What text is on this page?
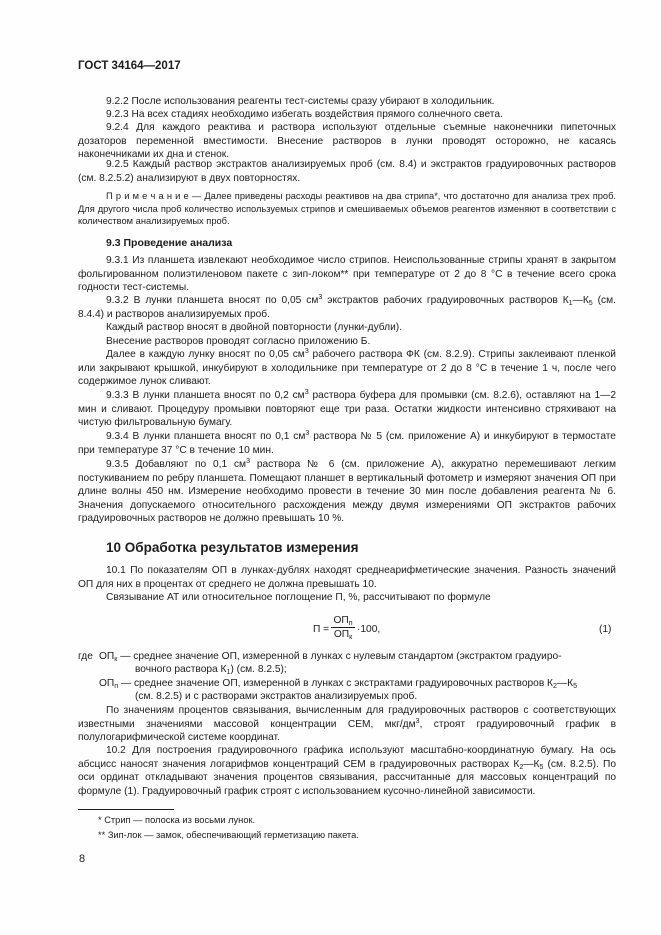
ГОСТ 34164—2017

9.2.2 После использования реагенты тест-системы сразу убирают в холодильник.

9.2.3 На всех стадиях необходимо избегать воздействия прямого солнечного света.

9.2.4 Для каждого реактива и раствора используют отдельные съемные наконечники пипеточных дозаторов переменной вместимости. Внесение растворов в лунки проводят осторожно, не касаясь наконечниками их дна и стенок.

9.2.5 Каждый раствор экстрактов анализируемых проб (см. 8.4) и экстрактов градуировочных растворов (см. 8.2.5.2) анализируют в двух повторностях.

П р и м е ч а н и е — Далее приведены расходы реактивов на два стрипа*, что достаточно для анализа трех проб. Для другого числа проб количество используемых стрипов и смешиваемых объемов реагентов изменяют в соответствии с количеством анализируемых проб.

9.3 Проведение анализа

9.3.1 Из планшета извлекают необходимое число стрипов. Неиспользованные стрипы хранят в закрытом фольгированном полиэтиленовом пакете с зип-локом** при температуре от 2 до 8 °С в течение всего срока годности тест-системы.

9.3.2 В лунки планшета вносят по 0,05 $см^3$ экстрактов рабочих градуировочных растворов $К_1—К_5$ (см. 8.4.4) и растворов анализируемых проб.

Каждый раствор вносят в двойной повторности (лунки-дубли).

Внесение растворов проводят согласно приложению Б.

Далее в каждую лунку вносят по 0,05 $см^3$ рабочего раствора ФК (см. 8.2.9). Стрипы заклеивают пленкой или закрывают крышкой, инкубируют в холодильнике при температуре от 2 до 8 °С в течение 1 ч, после чего содержимое лунок сливают.

9.3.3 В лунки планшета вносят по 0,2 $см^3$ раствора буфера для промывки (см. 8.2.6), оставляют на 1—2 мин и сливают. Процедуру промывки повторяют еще три раза. Остатки жидкости интенсивно стряхивают на чистую фильтровальную бумагу.

9.3.4 В лунки планшета вносят по 0,1 $см^3$ раствора № 5 (см. приложение А) и инкубируют в термостате при температуре 37 °С в течение 10 мин.

9.3.5 Добавляют по 0,1 $см^3$ раствора № 6 (см. приложение А), аккуратно перемешивают легким постукиванием по ребру планшета. Помещают планшет в вертикальный фотометр и измеряют значения ОП при длине волны 450 нм. Измерение необходимо провести в течение 30 мин после добавления реагента № 6. Значения допускаемого относительного расхождения между двумя измерениями ОП экстрактов рабочих градуировочных растворов не должно превышать 10 %.

10 Обработка результатов измерения

10.1 По показателям ОП в лунках-дублях находят среднеарифметические значения. Разность значений ОП для них в процентах от среднего не должна превышать 10.

Связывание АТ или относительное поглощение П, %, рассчитывают по формуле

П =
$ОП_п$
$ОП_к$
·100,	(1)
где $ОП_к$ — среднее значение ОП, измеренной в лунках с нулевым стандартом (экстрактом градуиро-
вочного раствора $К_1$) (см. 8.2.5);
$ОП_п$ — среднее значение ОП, измеренной в лунках с экстрактами градуировочных растворов $К_2—К_5$
(см. 8.2.5) и с растворами экстрактов анализируемых проб.

По значениям процентов связывания, вычисленным для градуировочных растворов с соответствующих известными значениями массовой концентрации СЕМ, мкг/$дм^3$, строят градуировочный график в полулогарифмической системе координат.

10.2 Для построения градуировочного графика используют масштабно-координатную бумагу. На ось абсцисс наносят значения логарифмов концентраций СЕМ в градуировочных растворах $К_2—К_5$ (см. 8.2.5). По оси ординат откладывают значения процентов связывания, рассчитанные для массовых концентраций по формуле (1). Градуировочный график строят с использованием кусочно-линейной зависимости.

* Стрип — полоска из восьми лунок.
** Зип-лок — замок, обеспечивающий герметизацию пакета.
8
